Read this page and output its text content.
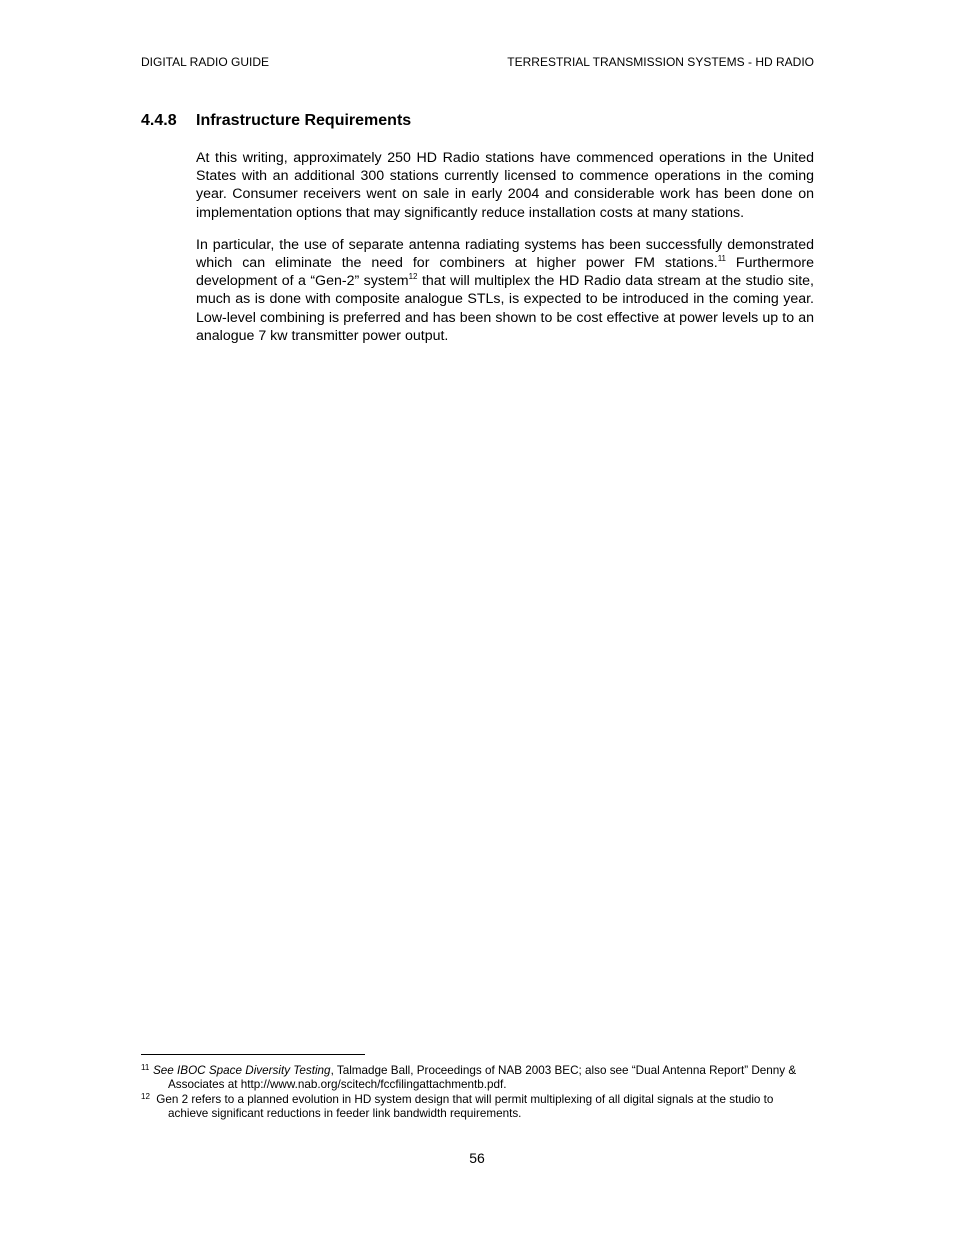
DIGITAL RADIO GUIDE	TERRESTRIAL TRANSMISSION SYSTEMS - HD RADIO
4.4.8 Infrastructure Requirements

At this writing, approximately 250 HD Radio stations have commenced operations in the United States with an additional 300 stations currently licensed to commence operations in the coming year. Consumer receivers went on sale in early 2004 and considerable work has been done on implementation options that may significantly reduce installation costs at many stations.

In particular, the use of separate antenna radiating systems has been successfully demonstrated which can eliminate the need for combiners at higher power FM stations.$^{11}$ Furthermore development of a “Gen-2” system$^{12}$ that will multiplex the HD Radio data stream at the studio site, much as is done with composite analogue STLs, is expected to be introduced in the coming year. Low-level combining is preferred and has been shown to be cost effective at power levels up to an analogue 7 kw transmitter power output.

11 See IBOC Space Diversity Testing, Talmadge Ball, Proceedings of NAB 2003 BEC; also see “Dual Antenna Report” Denny & Associates at http://www.nab.org/scitech/fccfilingattachmentb.pdf.

12 Gen 2 refers to a planned evolution in HD system design that will permit multiplexing of all digital signals at the studio to achieve significant reductions in feeder link bandwidth requirements.

56
